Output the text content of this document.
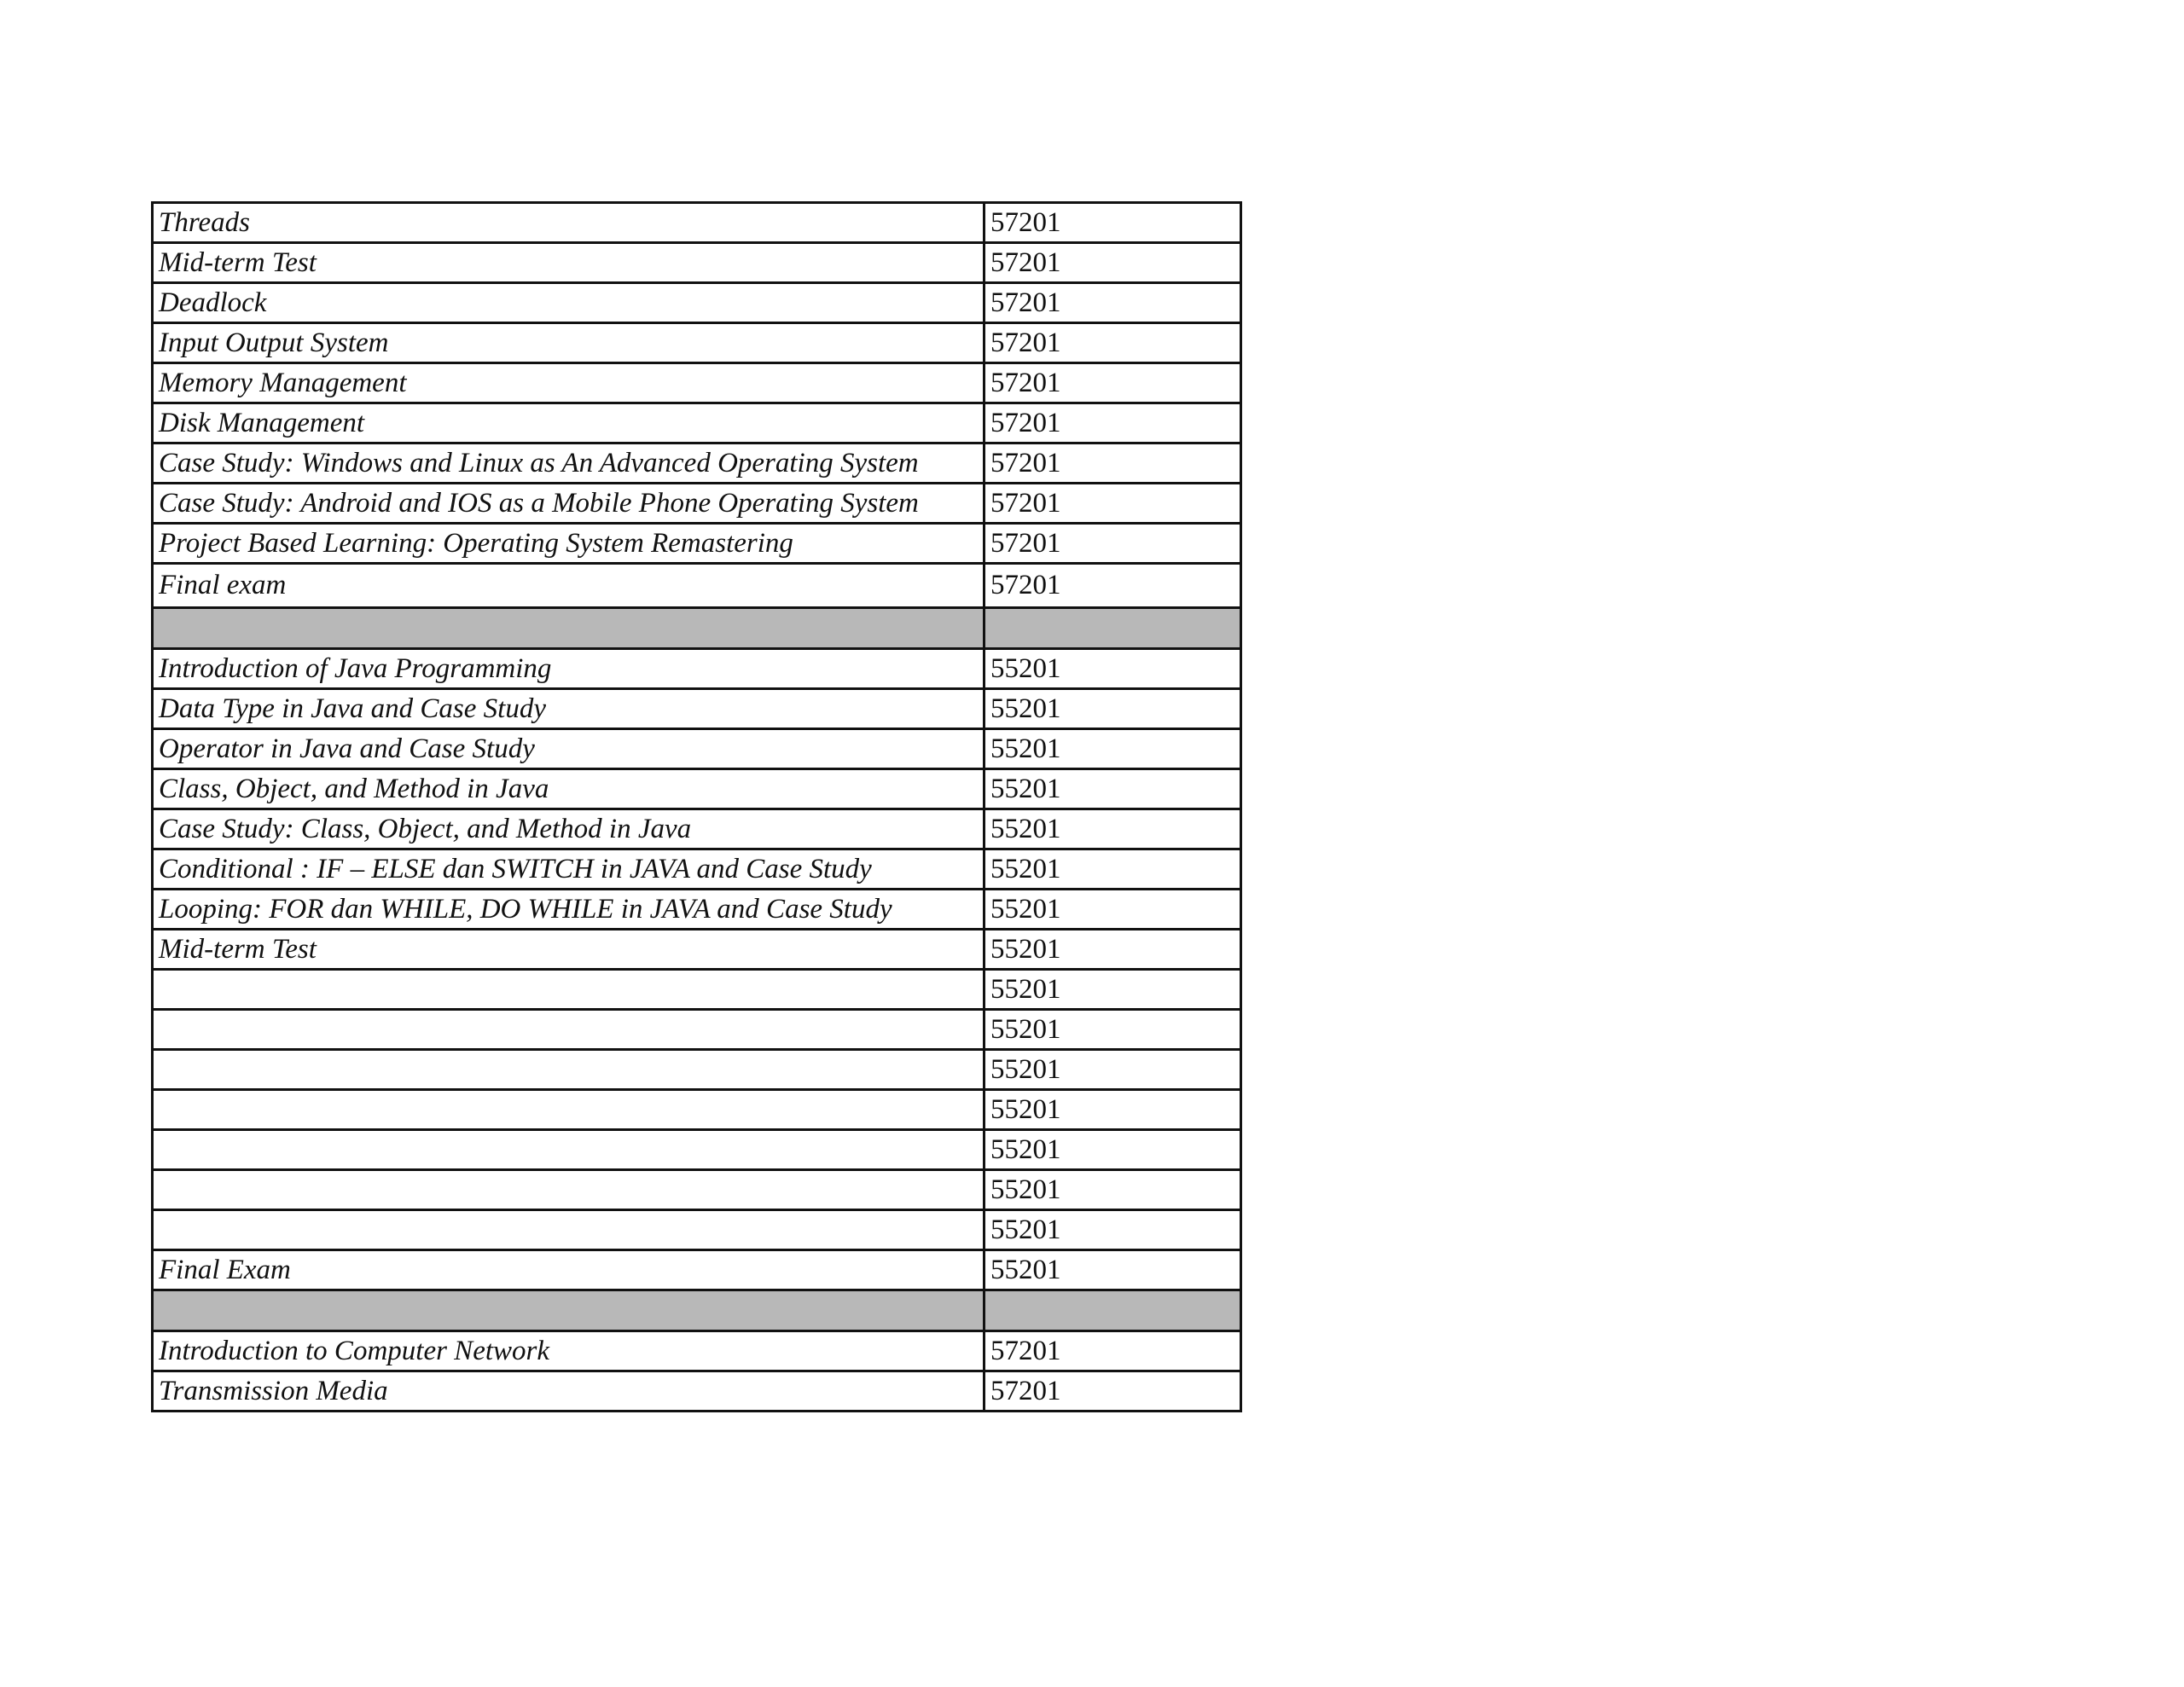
Threads	57201
Mid-term Test	57201
Deadlock	57201
Input Output System	57201
Memory Management	57201
Disk Management	57201
Case Study: Windows and Linux as An Advanced Operating System	57201
Case Study: Android and IOS as a Mobile Phone Operating System	57201
Project Based Learning: Operating System Remastering	57201
Final exam	57201

Introduction of Java Programming	55201
Data Type in Java and Case Study	55201
Operator in Java and Case Study	55201
Class, Object, and Method in Java	55201
Case Study: Class, Object, and Method in Java	55201
Conditional : IF – ELSE dan SWITCH in JAVA and Case Study	55201
Looping: FOR dan WHILE, DO WHILE in JAVA and Case Study	55201
Mid-term Test	55201
	55201
	55201
	55201
	55201
	55201
	55201
	55201
Final Exam	55201

Introduction to Computer Network	57201
Transmission Media	57201
